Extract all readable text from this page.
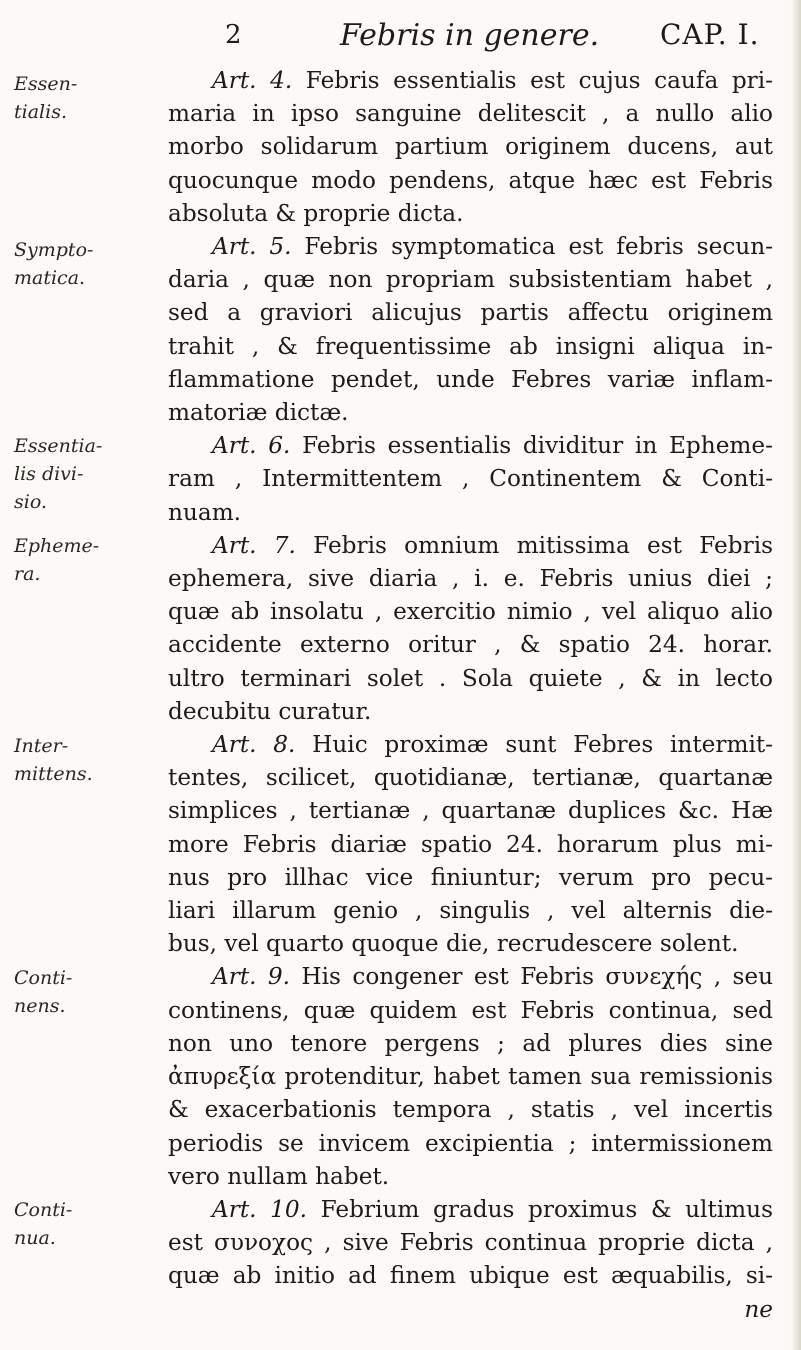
2	Febris in genere. CAP. I.
Essen-
tialis.
Sympto-
matica.
Essentia-
lis divi-
sio.
Epheme-
ra.
Inter-
mittens.
Conti-
nens.
Conti-
nua.

Art. 4. Febris essentialis est cujus caufa pri-
maria in ipso sanguine delitescit , a nullo alio
morbo solidarum partium originem ducens, aut
quocunque modo pendens, atque hæc est Febris
absoluta & proprie dicta.

Art. 5. Febris symptomatica est febris secun-
daria , quæ non propriam subsistentiam habet ,
sed a graviori alicujus partis affectu originem
trahit , & frequentissime ab insigni aliqua in-
flammatione pendet, unde Febres variæ inflam-
matoriæ dictæ.

Art. 6. Febris essentialis dividitur in Epheme-
ram , Intermittentem , Continentem & Conti-
nuam.

Art. 7. Febris omnium mitissima est Febris
ephemera, sive diaria , i. e. Febris unius diei ;
quæ ab insolatu , exercitio nimio , vel aliquo alio
accidente externo oritur , & spatio 24. horar.
ultro terminari solet . Sola quiete , & in lecto
decubitu curatur.

Art. 8. Huic proximæ sunt Febres intermit-
tentes, scilicet, quotidianæ, tertianæ, quartanæ
simplices , tertianæ , quartanæ duplices &c. Hæ
more Febris diariæ spatio 24. horarum plus mi-
nus pro illhac vice finiuntur; verum pro pecu-
liari illarum genio , singulis , vel alternis die-
bus, vel quarto quoque die, recrudescere solent.

Art. 9. His congener est Febris συνεχής , seu
continens, quæ quidem est Febris continua, sed
non uno tenore pergens ; ad plures dies sine
ἀπυρεξία protenditur, habet tamen sua remissionis
& exacerbationis tempora , statis , vel incertis
periodis se invicem excipientia ; intermissionem
vero nullam habet.

Art. 10. Febrium gradus proximus & ultimus
est συνοχος , sive Febris continua proprie dicta ,
quæ ab initio ad finem ubique est æquabilis, si-
ne
